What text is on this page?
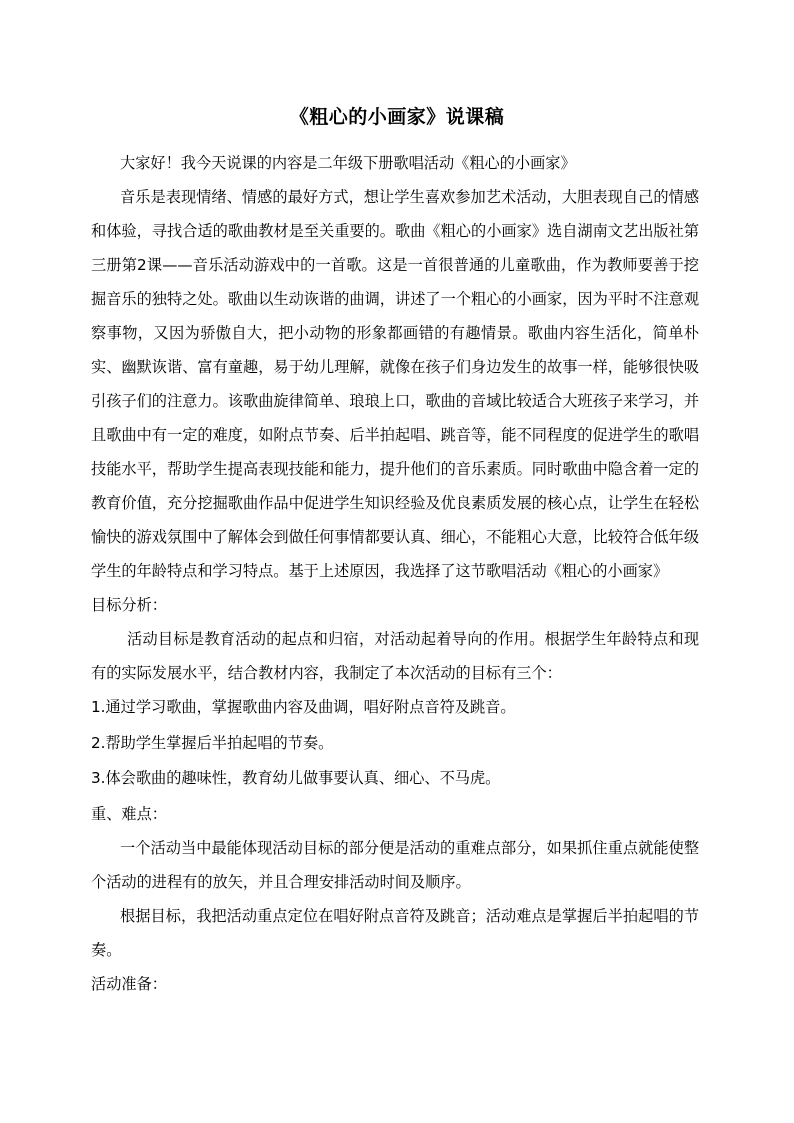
《粗心的小画家》说课稿

大家好！我今天说课的内容是二年级下册歌唱活动《粗心的小画家》

音乐是表现情绪、情感的最好方式，想让学生喜欢参加艺术活动，大胆表现自己的情感和体验，寻找合适的歌曲教材是至关重要的。歌曲《粗心的小画家》选自湖南文艺出版社第三册第2课——音乐活动游戏中的一首歌。这是一首很普通的儿童歌曲，作为教师要善于挖掘音乐的独特之处。歌曲以生动诙谐的曲调，讲述了一个粗心的小画家，因为平时不注意观察事物，又因为骄傲自大，把小动物的形象都画错的有趣情景。歌曲内容生活化，简单朴实、幽默诙谐、富有童趣，易于幼儿理解，就像在孩子们身边发生的故事一样，能够很快吸引孩子们的注意力。该歌曲旋律简单、琅琅上口，歌曲的音域比较适合大班孩子来学习，并且歌曲中有一定的难度，如附点节奏、后半拍起唱、跳音等，能不同程度的促进学生的歌唱技能水平，帮助学生提高表现技能和能力，提升他们的音乐素质。同时歌曲中隐含着一定的教育价值，充分挖掘歌曲作品中促进学生知识经验及优良素质发展的核心点，让学生在轻松愉快的游戏氛围中了解体会到做任何事情都要认真、细心，不能粗心大意，比较符合低年级学生的年龄特点和学习特点。基于上述原因，我选择了这节歌唱活动《粗心的小画家》

目标分析：

活动目标是教育活动的起点和归宿，对活动起着导向的作用。根据学生年龄特点和现有的实际发展水平，结合教材内容，我制定了本次活动的目标有三个：

1.通过学习歌曲，掌握歌曲内容及曲调，唱好附点音符及跳音。

2.帮助学生掌握后半拍起唱的节奏。

3.体会歌曲的趣味性，教育幼儿做事要认真、细心、不马虎。

重、难点：

一个活动当中最能体现活动目标的部分便是活动的重难点部分，如果抓住重点就能使整个活动的进程有的放矢，并且合理安排活动时间及顺序。

根据目标，我把活动重点定位在唱好附点音符及跳音；活动难点是掌握后半拍起唱的节奏。

活动准备：
